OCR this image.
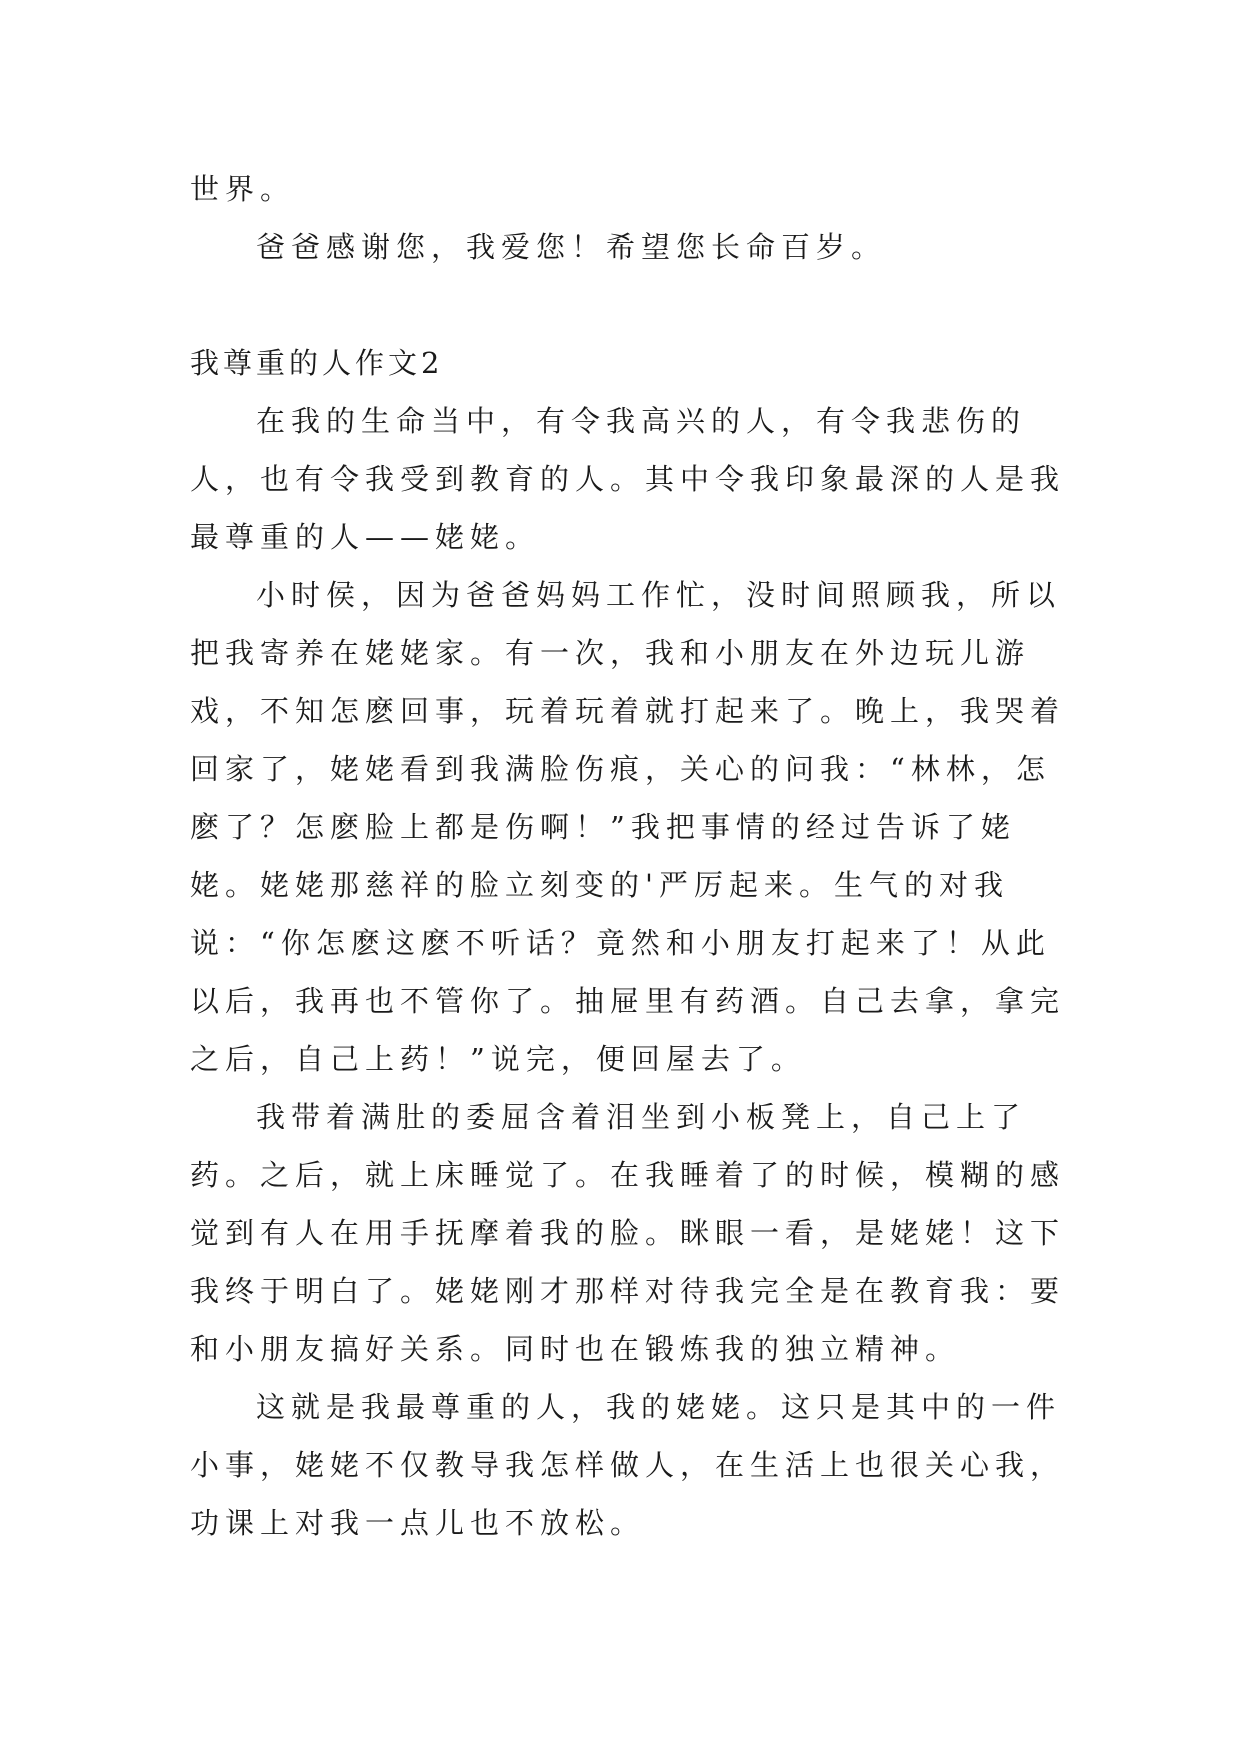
世界。

爸爸感谢您，我爱您！希望您长命百岁。

我尊重的人作文2

在我的生命当中，有令我高兴的人，有令我悲伤的人，也有令我受到教育的人。其中令我印象最深的人是我最尊重的人——姥姥。

小时侯，因为爸爸妈妈工作忙，没时间照顾我，所以把我寄养在姥姥家。有一次，我和小朋友在外边玩儿游戏，不知怎麽回事，玩着玩着就打起来了。晚上，我哭着回家了，姥姥看到我满脸伤痕，关心的问我：“林林，怎麽了？怎麽脸上都是伤啊！”我把事情的经过告诉了姥姥。姥姥那慈祥的脸立刻变的'严厉起来。生气的对我说：“你怎麽这麽不听话？竟然和小朋友打起来了！从此以后，我再也不管你了。抽屉里有药酒。自己去拿，拿完之后，自己上药！”说完，便回屋去了。

我带着满肚的委屈含着泪坐到小板凳上，自己上了药。之后，就上床睡觉了。在我睡着了的时候，模糊的感觉到有人在用手抚摩着我的脸。眯眼一看，是姥姥！这下我终于明白了。姥姥刚才那样对待我完全是在教育我：要和小朋友搞好关系。同时也在锻炼我的独立精神。

这就是我最尊重的人，我的姥姥。这只是其中的一件小事，姥姥不仅教导我怎样做人，在生活上也很关心我，功课上对我一点儿也不放松。
